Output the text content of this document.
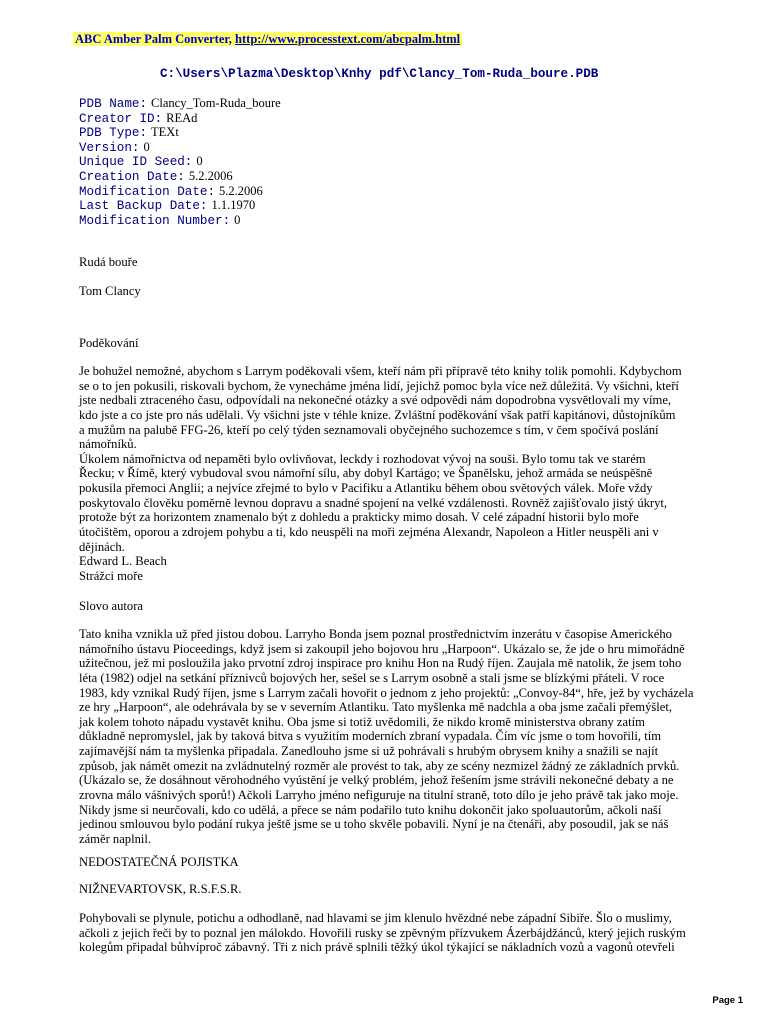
ABC Amber Palm Converter, http://www.processtext.com/abcpalm.html
C:\Users\Plazma\Desktop\Knhy pdf\Clancy_Tom-Ruda_boure.PDB
PDB Name: Clancy_Tom-Ruda_boure
Creator ID: REAd
PDB Type: TEXt
Version: 0
Unique ID Seed: 0
Creation Date: 5.2.2006
Modification Date: 5.2.2006
Last Backup Date: 1.1.1970
Modification Number: 0
Rudá bouře
Tom Clancy
Poděkování
Je bohužel nemožné, abychom s Larrym poděkovali všem, kteří nám při přípravě této knihy tolik pomohli. Kdybychom
se o to jen pokusili, riskovali bychom, že vynecháme jména lidí, jejichž pomoc byla více než důležitá. Vy všichni, kteří
jste nedbali ztraceného času, odpovídali na nekonečné otázky a své odpovědi nám dopodrobna vysvětlovali my víme,
kdo jste a co jste pro nás udělali. Vy všichni jste v téhle knize. Zvláštní poděkování však patří kapitánovi, důstojníkům
a mužům na palubě FFG-26, kteří po celý týden seznamovali obyčejného suchozemce s tím, v čem spočívá poslání
námořníků.
Úkolem námořnictva od nepaměti bylo ovlivňovat, leckdy i rozhodovat vývoj na souši. Bylo tomu tak ve starém
Řecku; v Římě, který vybudoval svou námořní sílu, aby dobyl Kartágo; ve Španělsku, jehož armáda se neúspěšně
pokusila přemoci Anglii; a nejvíce zřejmé to bylo v Pacifiku a Atlantiku během obou světových válek. Moře vždy
poskytovalo člověku poměrně levnou dopravu a snadné spojení na velké vzdálenosti. Rovněž zajišťovalo jistý úkryt,
protože být za horizontem znamenalo být z dohledu a prakticky mimo dosah. V celé západní historii bylo moře
útočištěm, oporou a zdrojem pohybu a ti, kdo neuspěli na moři zejména Alexandr, Napoleon a Hitler neuspěli ani v
dějinách.
Edward L. Beach
Strážci moře
Slovo autora
Tato kniha vznikla už před jistou dobou. Larryho Bonda jsem poznal prostřednictvím inzerátu v časopise Amerického
námořního ústavu Pioceedings, když jsem si zakoupil jeho bojovou hru „Harpoon“. Ukázalo se, že jde o hru mimořádně
užitečnou, jež mi posloužila jako prvotní zdroj inspirace pro knihu Hon na Rudý říjen. Zaujala mě natolik, že jsem toho
léta (1982) odjel na setkání příznivců bojových her, sešel se s Larrym osobně a stali jsme se blízkými přáteli. V roce
1983, kdy vznikal Rudý říjen, jsme s Larrym začali hovořit o jednom z jeho projektů: „Convoy-84“, hře, jež by vycházela
ze hry „Harpoon“, ale odehrávala by se v severním Atlantiku. Tato myšlenka mě nadchla a oba jsme začali přemýšlet,
jak kolem tohoto nápadu vystavět knihu. Oba jsme si totiž uvědomili, že nikdo kromě ministerstva obrany zatím
důkladně nepromyslel, jak by taková bitva s využitím moderních zbraní vypadala. Čím víc jsme o tom hovořili, tím
zajímavější nám ta myšlenka připadala. Zanedlouho jsme si už pohrávali s hrubým obrysem knihy a snažili se najít
způsob, jak námět omezit na zvládnutelný rozměr ale provést to tak, aby ze scény nezmizel žádný ze základních prvků.
(Ukázalo se, že dosáhnout věrohodného vyústění je velký problém, jehož řešením jsme strávili nekonečné debaty a ne
zrovna málo vášnivých sporů!) Ačkoli Larryho jméno nefiguruje na titulní straně, toto dílo je jeho právě tak jako moje.
Nikdy jsme si neurčovali, kdo co udělá, a přece se nám podařilo tuto knihu dokončit jako spoluautorům, ačkoli naší
jedinou smlouvou bylo podání rukya ještě jsme se u toho skvěle pobavili. Nyní je na čtenáři, aby posoudil, jak se náš
záměr naplnil.
NEDOSTATEČNÁ POJISTKA
NIŽNEVARTOVSK, R.S.F.S.R.
Pohybovali se plynule, potichu a odhodlaně, nad hlavami se jim klenulo hvězdné nebe západní Sibiře. Šlo o muslimy,
ačkoli z jejich řeči by to poznal jen málokdo. Hovořili rusky se zpěvným přízvukem Ázerbájdžánců, který jejich ruským
kolegům připadal bůhvíproč zábavný. Tři z nich právě splnili těžký úkol týkající se nákladních vozů a vagonů otevřeli
Page 1
